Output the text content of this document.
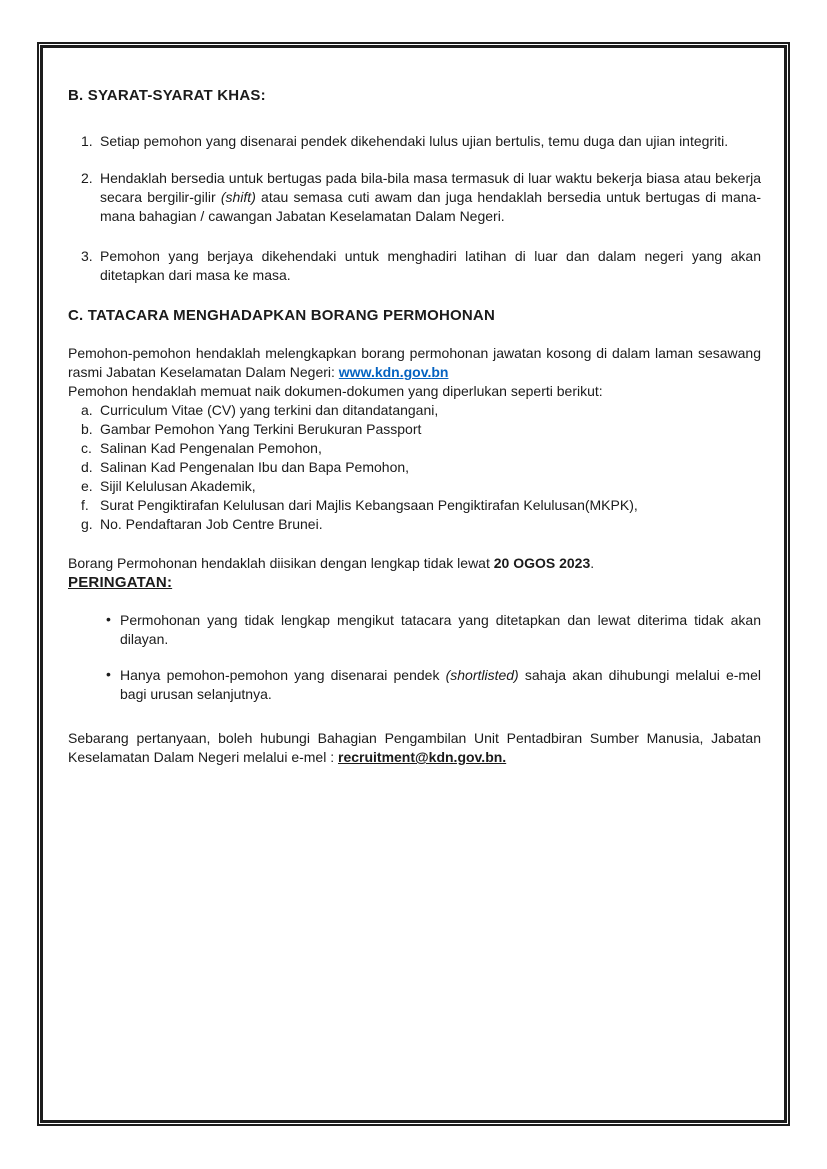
B. SYARAT-SYARAT KHAS:
1. Setiap pemohon yang disenarai pendek dikehendaki lulus ujian bertulis, temu duga dan ujian integriti.
2. Hendaklah bersedia untuk bertugas pada bila-bila masa termasuk di luar waktu bekerja biasa atau bekerja secara bergilir-gilir (shift) atau semasa cuti awam dan juga hendaklah bersedia untuk bertugas di mana-mana bahagian / cawangan Jabatan Keselamatan Dalam Negeri.
3. Pemohon yang berjaya dikehendaki untuk menghadiri latihan di luar dan dalam negeri yang akan ditetapkan dari masa ke masa.
C. TATACARA MENGHADAPKAN BORANG PERMOHONAN

Pemohon-pemohon hendaklah melengkapkan borang permohonan jawatan kosong di dalam laman sesawang rasmi Jabatan Keselamatan Dalam Negeri: www.kdn.gov.bn

Pemohon hendaklah memuat naik dokumen-dokumen yang diperlukan seperti berikut:

a. Curriculum Vitae (CV) yang terkini dan ditandatangani,
b. Gambar Pemohon Yang Terkini Berukuran Passport
c. Salinan Kad Pengenalan Pemohon,
d. Salinan Kad Pengenalan Ibu dan Bapa Pemohon,
e. Sijil Kelulusan Akademik,
f. Surat Pengiktirafan Kelulusan dari Majlis Kebangsaan Pengiktirafan Kelulusan(MKPK),
g. No. Pendaftaran Job Centre Brunei.

Borang Permohonan hendaklah diisikan dengan lengkap tidak lewat 20 OGOS 2023.

PERINGATAN:
• Permohonan yang tidak lengkap mengikut tatacara yang ditetapkan dan lewat diterima tidak akan dilayan.
• Hanya pemohon-pemohon yang disenarai pendek (shortlisted) sahaja akan dihubungi melalui e-mel bagi urusan selanjutnya.

Sebarang pertanyaan, boleh hubungi Bahagian Pengambilan Unit Pentadbiran Sumber Manusia, Jabatan Keselamatan Dalam Negeri melalui e-mel : recruitment@kdn.gov.bn.
